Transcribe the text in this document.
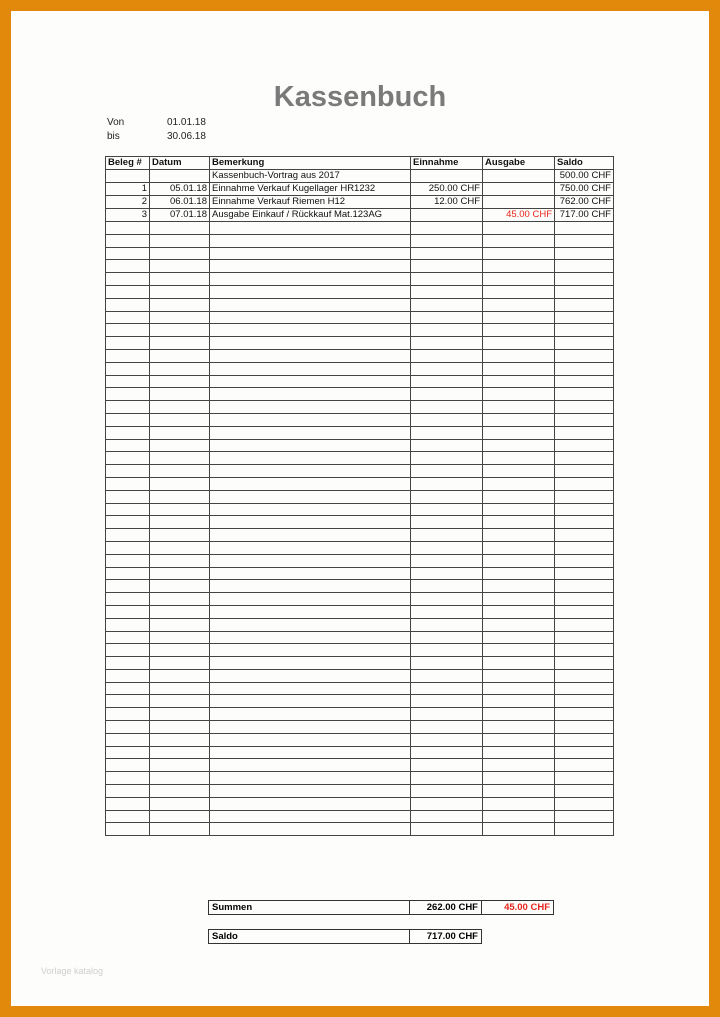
Kassenbuch
Von	01.01.18
bis	30.06.18
Beleg #	Datum	Bemerkung	Einnahme	Ausgabe	Saldo
		Kassenbuch-Vortrag aus 2017			500.00 CHF
1	05.01.18	Einnahme Verkauf Kugellager HR1232	250.00 CHF		750.00 CHF
2	06.01.18	Einnahme Verkauf Riemen H12	12.00 CHF		762.00 CHF
3	07.01.18	Ausgabe Einkauf / Rückkauf Mat.123AG		45.00 CHF	717.00 CHF

Summen	262.00 CHF	45.00 CHF
Saldo	717.00 CHF
Vorlage katalog
